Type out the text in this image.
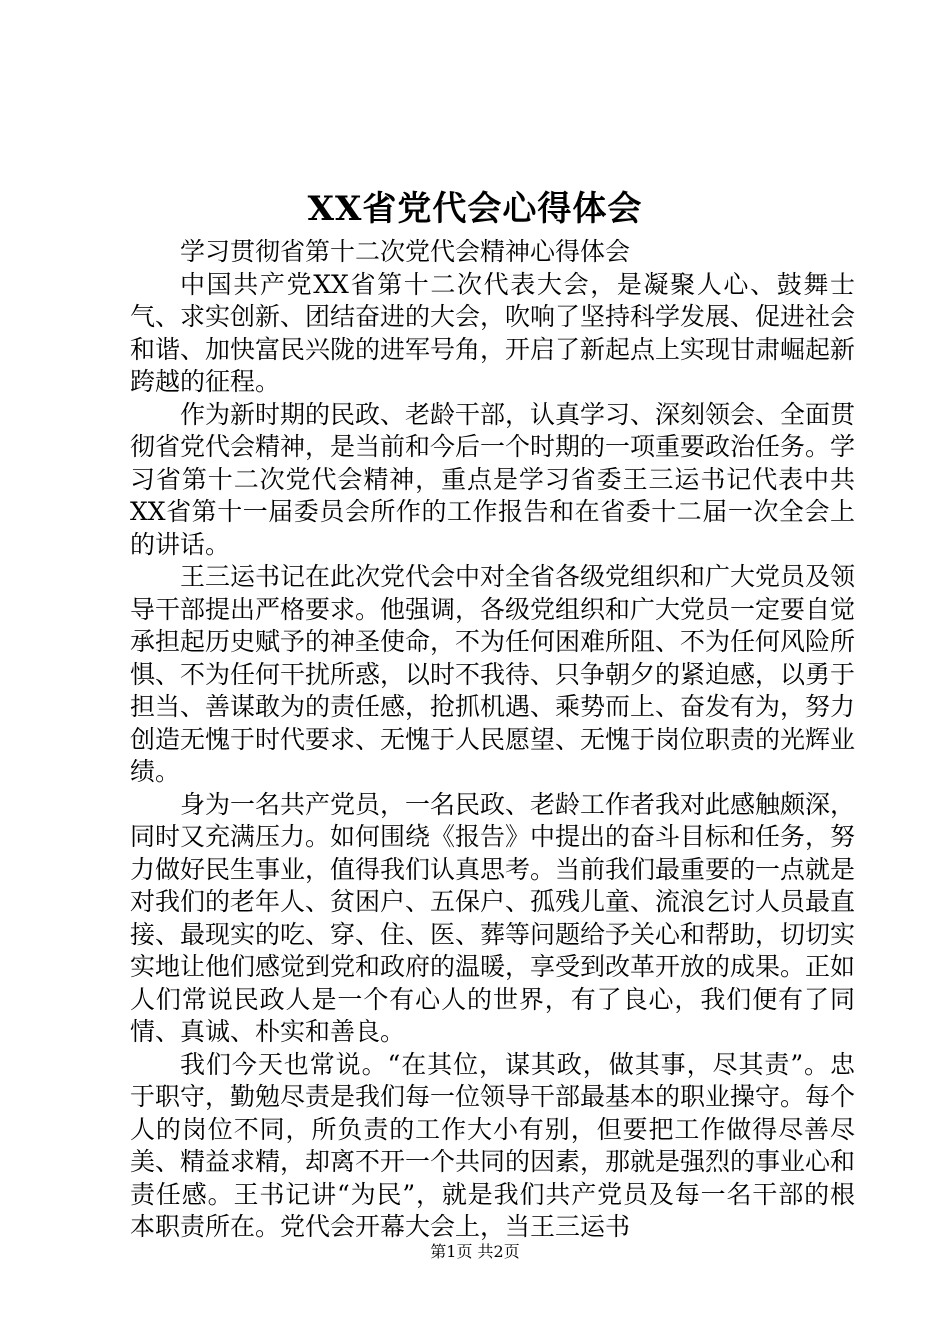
XX省党代会心得体会

学习贯彻省第十二次党代会精神心得体会

中国共产党XX省第十二次代表大会，是凝聚人心、鼓舞士气、求实创新、团结奋进的大会，吹响了坚持科学发展、促进社会和谐、加快富民兴陇的进军号角，开启了新起点上实现甘肃崛起新跨越的征程。

作为新时期的民政、老龄干部，认真学习、深刻领会、全面贯彻省党代会精神，是当前和今后一个时期的一项重要政治任务。学习省第十二次党代会精神，重点是学习省委王三运书记代表中共XX省第十一届委员会所作的工作报告和在省委十二届一次全会上的讲话。

王三运书记在此次党代会中对全省各级党组织和广大党员及领导干部提出严格要求。他强调，各级党组织和广大党员一定要自觉承担起历史赋予的神圣使命，不为任何困难所阻、不为任何风险所惧、不为任何干扰所惑，以时不我待、只争朝夕的紧迫感，以勇于担当、善谋敢为的责任感，抢抓机遇、乘势而上、奋发有为，努力创造无愧于时代要求、无愧于人民愿望、无愧于岗位职责的光辉业绩。

身为一名共产党员，一名民政、老龄工作者我对此感触颇深，同时又充满压力。如何围绕《报告》中提出的奋斗目标和任务，努力做好民生事业，值得我们认真思考。当前我们最重要的一点就是对我们的老年人、贫困户、五保户、孤残儿童、流浪乞讨人员最直接、最现实的吃、穿、住、医、葬等问题给予关心和帮助，切切实实地让他们感觉到党和政府的温暖，享受到改革开放的成果。正如人们常说民政人是一个有心人的世界，有了良心，我们便有了同情、真诚、朴实和善良。

我们今天也常说。“在其位，谋其政，做其事，尽其责”。忠于职守，勤勉尽责是我们每一位领导干部最基本的职业操守。每个人的岗位不同，所负责的工作大小有别，但要把工作做得尽善尽美、精益求精，却离不开一个共同的因素，那就是强烈的事业心和责任感。王书记讲“为民”，就是我们共产党员及每一名干部的根本职责所在。党代会开幕大会上，当王三运书

第1页 共2页
